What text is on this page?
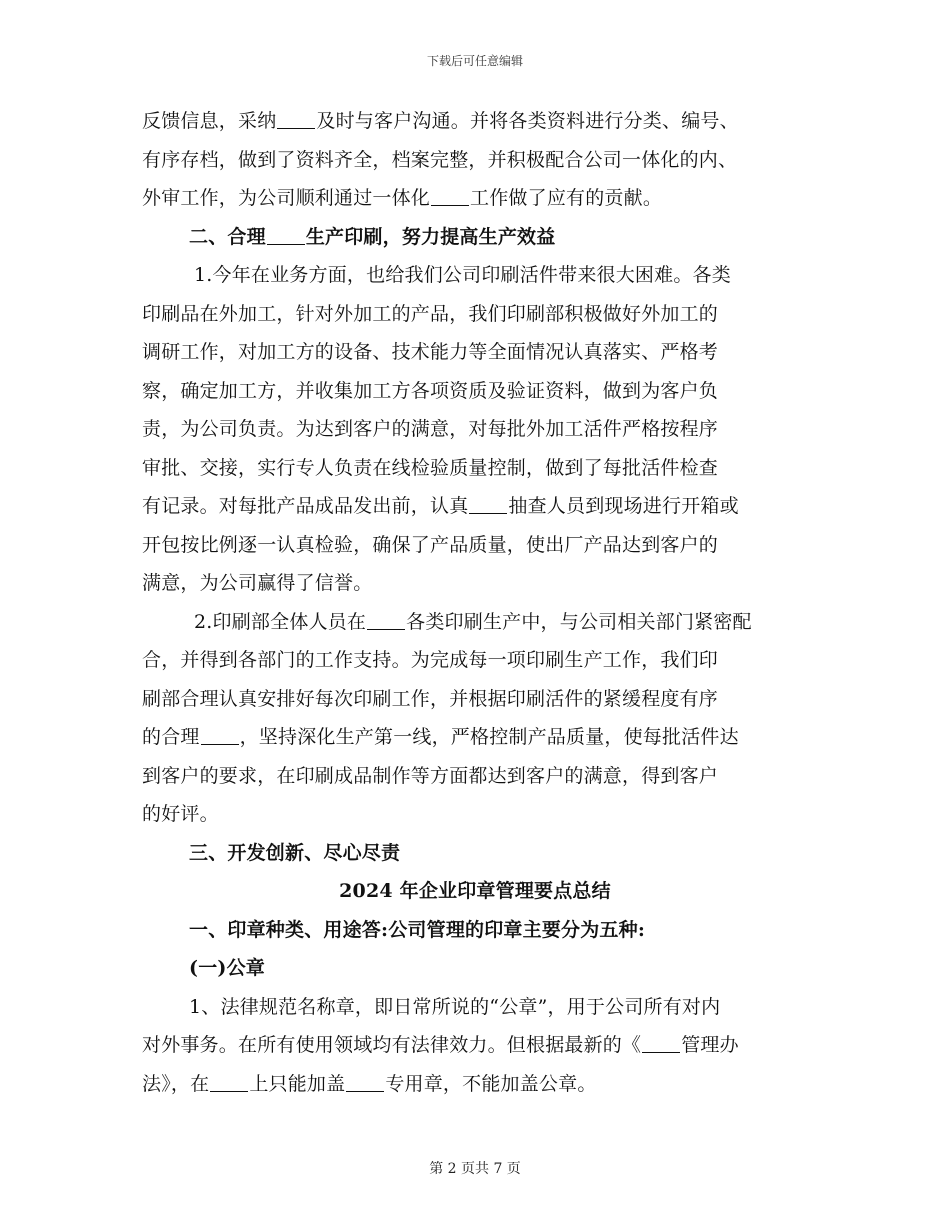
下载后可任意编辑
反馈信息，采纳 及时与客户沟通。并将各类资料进行分类、编号、
有序存档，做到了资料齐全，档案完整，并积极配合公司一体化的内、
外审工作，为公司顺利通过一体化 工作做了应有的贡献。
二、合理 生产印刷，努力提高生产效益
1.今年在业务方面，也给我们公司印刷活件带来很大困难。各类
印刷品在外加工，针对外加工的产品，我们印刷部积极做好外加工的
调研工作，对加工方的设备、技术能力等全面情况认真落实、严格考
察，确定加工方，并收集加工方各项资质及验证资料，做到为客户负
责，为公司负责。为达到客户的满意，对每批外加工活件严格按程序
审批、交接，实行专人负责在线检验质量控制，做到了每批活件检查
有记录。对每批产品成品发出前，认真 抽查人员到现场进行开箱或
开包按比例逐一认真检验，确保了产品质量，使出厂产品达到客户的
满意，为公司赢得了信誉。
2.印刷部全体人员在 各类印刷生产中，与公司相关部门紧密配
合，并得到各部门的工作支持。为完成每一项印刷生产工作，我们印
刷部合理认真安排好每次印刷工作，并根据印刷活件的紧缓程度有序
的合理 ，坚持深化生产第一线，严格控制产品质量，使每批活件达
到客户的要求，在印刷成品制作等方面都达到客户的满意，得到客户
的好评。
三、开发创新、尽心尽责
2024 年企业印章管理要点总结
一、印章种类、用途答:公司管理的印章主要分为五种:
(一)公章
1、法律规范名称章，即日常所说的“公章”，用于公司所有对内
对外事务。在所有使用领域均有法律效力。但根据最新的《 管理办
法》，在 上只能加盖 专用章，不能加盖公章。
第 2 页共 7 页
